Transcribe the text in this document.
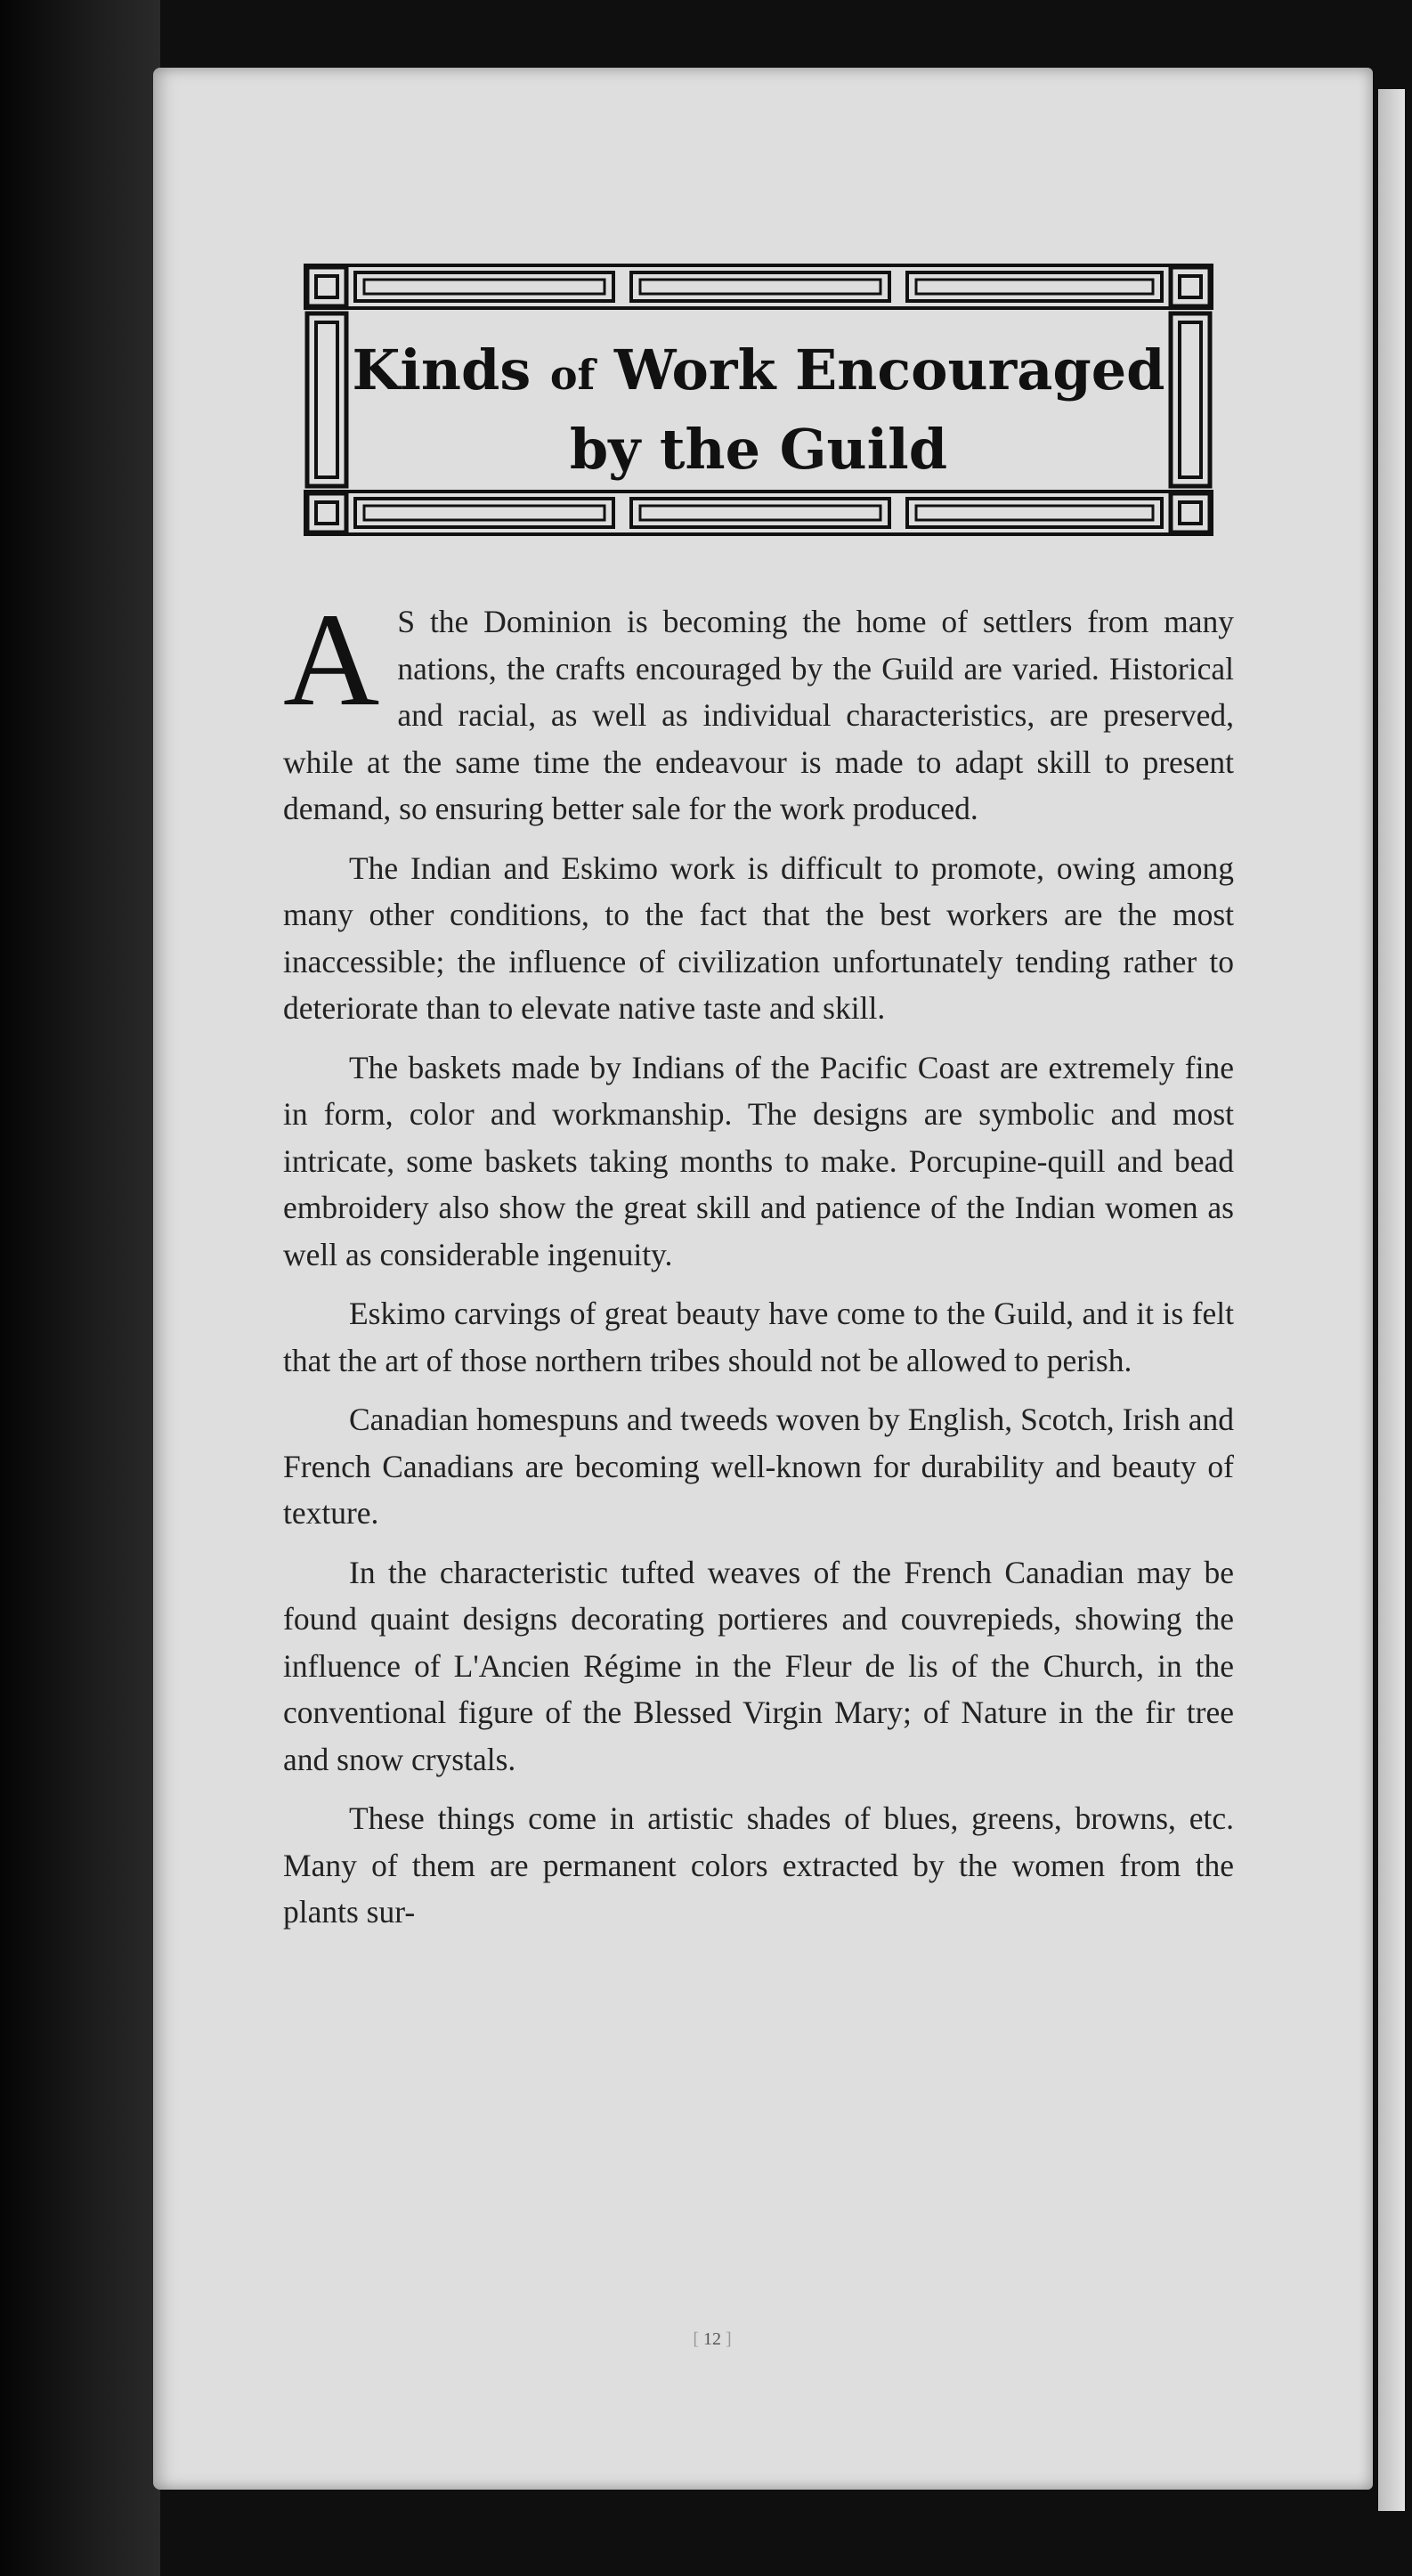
Kinds of Work Encouraged
by the Guild

A S the Dominion is becoming the home of settlers from many nations, the crafts encouraged by the Guild are varied. Historical and racial, as well as individual characteristics, are preserved, while at the same time the endeavour is made to adapt skill to present demand, so ensuring better sale for the work produced.

The Indian and Eskimo work is difficult to promote, owing among many other conditions, to the fact that the best workers are the most inaccessible; the influence of civilization unfortunately tending rather to deteriorate than to elevate native taste and skill.

The baskets made by Indians of the Pacific Coast are extremely fine in form, color and workmanship. The designs are symbolic and most intricate, some baskets taking months to make. Porcupine-quill and bead embroidery also show the great skill and patience of the Indian women as well as considerable ingenuity.

Eskimo carvings of great beauty have come to the Guild, and it is felt that the art of those northern tribes should not be allowed to perish.

Canadian homespuns and tweeds woven by English, Scotch, Irish and French Canadians are becoming well-known for durability and beauty of texture.

In the characteristic tufted weaves of the French Canadian may be found quaint designs decorating portieres and couvrepieds, showing the influence of L'Ancien Régime in the Fleur de lis of the Church, in the conventional figure of the Blessed Virgin Mary; of Nature in the fir tree and snow crystals.

These things come in artistic shades of blues, greens, browns, etc. Many of them are permanent colors extracted by the women from the plants sur-

[ 12 ]
